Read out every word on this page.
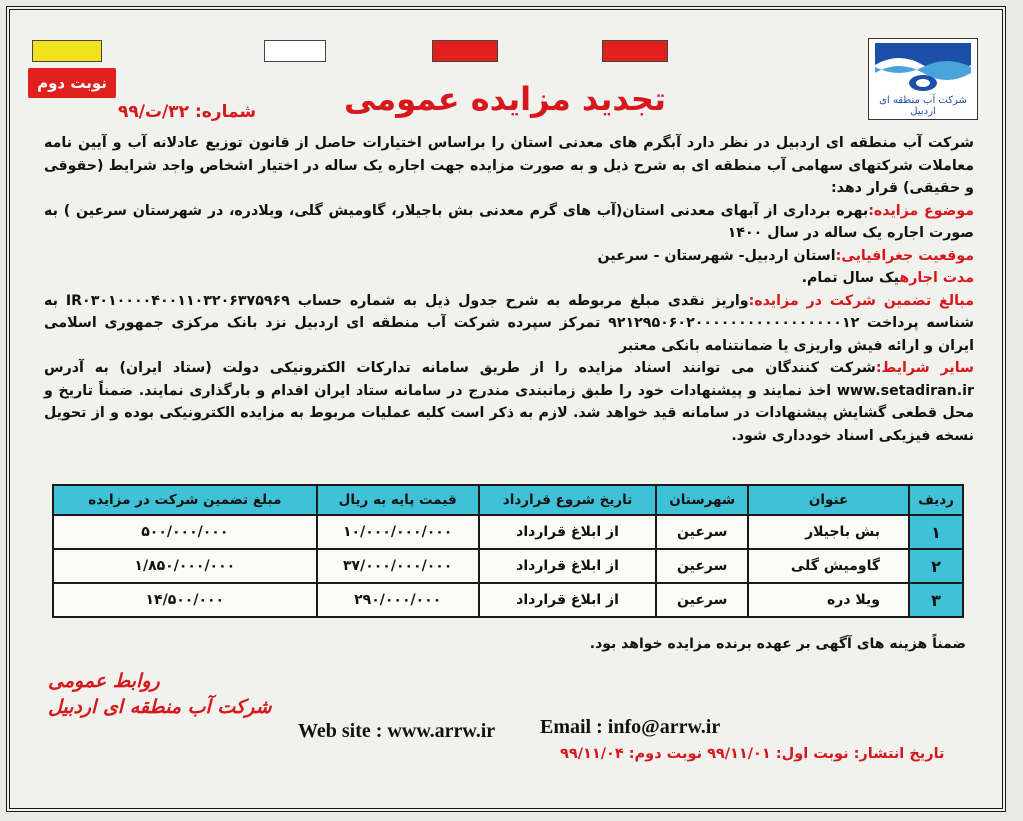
شرکت آب منطقه ای اردبیل
نوبت دوم	تجدید مزایده عمومی
شماره: ۳۲/ت/۹۹

شرکت آب منطقه ای اردبیل در نظر دارد آبگرم های معدنی استان را براساس اختیارات حاصل از قانون توزیع عادلانه آب و آیین نامه معاملات شرکتهای سهامی آب منطقه ای به شرح ذیل و به صورت مزایده جهت اجاره یک ساله در اختیار اشخاص واجد شرایط (حقوقی و حقیقی) قرار دهد:

موضوع مزایده:بهره برداری از آبهای معدنی استان(آب های گرم معدنی بش باجیلار، گاومیش گلی، ویلادره، در شهرستان سرعین ) به صورت اجاره یک ساله در سال ۱۴۰۰

موقعیت جغرافیایی:استان اردبیل- شهرستان - سرعین

مدت اجارهیک سال تمام.

مبالغ تضمین شرکت در مزایده:واریز نقدی مبلغ مربوطه به شرح جدول ذیل به شماره حساب IR۰۳۰۱۰۰۰۰۴۰۰۱۱۰۳۲۰۶۳۷۵۹۶۹ به شناسه پرداخت ۹۲۱۲۹۵۰۶۰۲۰۰۰۰۰۰۰۰۰۰۰۰۰۰۰۰۰۱۲ تمرکز سپرده شرکت آب منطقه ای اردبیل نزد بانک مرکزی جمهوری اسلامی ایران و ارائه فیش واریزی یا ضمانتنامه بانکی معتبر

سایر شرایط:شرکت کنندگان می توانند اسناد مزایده را از طریق سامانه تدارکات الکترونیکی دولت (ستاد ایران) به آدرس www.setadiran.ir اخذ نمایند و پیشنهادات خود را طبق زمانبندی مندرج در سامانه ستاد ایران اقدام و بارگذاری نمایند. ضمناً تاریخ و محل قطعی گشایش پیشنهادات در سامانه قید خواهد شد. لازم به ذکر است کلیه عملیات مربوط به مزایده الکترونیکی بوده و از تحویل نسخه فیزیکی اسناد خودداری شود.

ردیف	عنوان	شهرستان	تاریخ شروع قرارداد	قیمت پایه به ریال	مبلغ تضمین شرکت در مزایده
۱	بش باجیلار	سرعین	از ابلاغ قرارداد	۱۰/۰۰۰/۰۰۰/۰۰۰	۵۰۰/۰۰۰/۰۰۰
۲	گاومیش گلی	سرعین	از ابلاغ قرارداد	۳۷/۰۰۰/۰۰۰/۰۰۰	۱/۸۵۰/۰۰۰/۰۰۰
۳	ویلا دره	سرعین	از ابلاغ قرارداد	۲۹۰/۰۰۰/۰۰۰	۱۴/۵۰۰/۰۰۰
ضمناً هزینه های آگهی بر عهده برنده مزایده خواهد بود.
روابط عمومی
شرکت آب منطقه ای اردبیل
Web site : www.arrw.ir Email : info@arrw.ir
تاریخ انتشار: نوبت اول: ۹۹/۱۱/۰۱ نوبت دوم: ۹۹/۱۱/۰۴
